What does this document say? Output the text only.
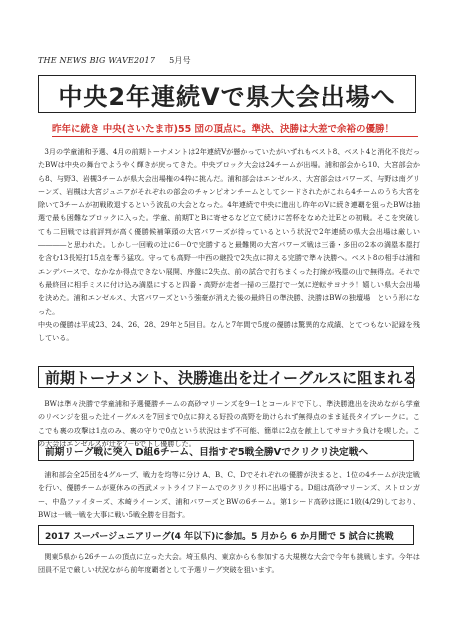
THE NEWS BIG WAVE2017 5月号
中央2年連続Vで県大会出場へ
昨年に続き 中央(さいたま市)55 団の頂点に。準決、決勝は大差で余裕の優勝！

3月の学童浦和予選、4月の前期トーナメントは2年連続Vが懸かっていたがいずれもベスト8、ベスト4と消化不良だったBWは中央の舞台でようやく輝きが戻ってきた。中央ブロック大会は24チームが出場。浦和部会から10、大宮部会から8、与野3、岩槻3チームが県大会出場権の4枠に挑んだ。浦和部会はエンゼルス、大宮部会はパワーズ、与野は南グリーンズ、岩槻は大宮ジュニアがそれぞれの部会のチャンピオンチームとしてシードされたがこれら4チームのうち大宮を除いて3チームが初戦敗退するという波乱の大会となった。4年連続で中央に進出し昨年のVに続き連覇を狙ったBWは抽選で最も困難なブロックに入った。学童、前期TとBに寄せるなど立て続けに苦杯をなめた辻Eとの初戦。そこを突破しても二回戦では前評判が高く優勝候補筆頭の大宮パワーズが待っているという状況で2年連続の県大会出場は厳しい――――と思われた。しかし一回戦の辻に6－0で完勝すると最難関の大宮パワーズ戦は三番・多田の2本の満塁本塁打を含む13長短打15点を奪う猛攻。守っても高野一中西の継投で2失点に抑える完勝で準々決勝へ。ベスト8の相手は浦和エンデバースで、なかなか得点できない展開、序盤に2失点、前の試合で打ちまくった打線が残塁の山で無得点。それでも最終回に相手ミスに付け込み満塁にすると四番・高野が走者一掃の三塁打で一気に逆転サヨナラ！嬉しい県大会出場を決めた。浦和エンゼルス、大宮パワーズという強豪が消えた後の最終日の準決勝、決勝はBWの独壇場　という形になった。
中央の優勝は平成23、24、26、28、29年と5回目。なんと7年間で5度の優勝は驚異的な成績、とてつもない記録を残している。

前期トーナメント、決勝進出を辻イーグルスに阻まれる

BWは準々決勝で学童浦和予選優勝チームの高砂マリーンズを9－1とコールドで下し、準決勝進出を決めながら学童のリベンジを狙った辻イーグルスを7回まで0点に抑える好投の高野を助けられず無得点のまま延長タイブレークに。ここでも裏の攻撃は1点のみ、裏の守りで0点という状況はまず不可能、簡単に2点を献上してサヨナラ負けを喫した。この大会はエンゼルスが辻を7－6で下し優勝した。

前期リーグ戦に突入 D組6チーム、目指すぞ5戦全勝Vでクリクリ決定戦へ

浦和部会全25団を4グループ、戦力を均等に分け A、B、C、Dでそれぞれの優勝が決まると、1位の4チームが決定戦を行い、優勝チームが夏休みの西武メットライフドームでのクリクリ杯に出場する。D組は高砂マリーンズ、ストロンガー、中島ファイターズ、木崎ライーンズ、浦和パワーズとBWの6チーム。第1シード高砂は既に1敗(4/29)しており、BWは一戦一戦を大事に戦い5戦全勝を目指す。

2017 スーパージュニアリーグ(4 年以下)に参加。5 月から 6 か月間で 5 試合に挑戦

関東5県から26チームの頂点に立った大会。埼玉県内、東京からも参加する大規模な大会で今年も挑戦します。今年は団員不足で厳しい状況ながら前年度覇者として予選リーグ突破を狙います。
